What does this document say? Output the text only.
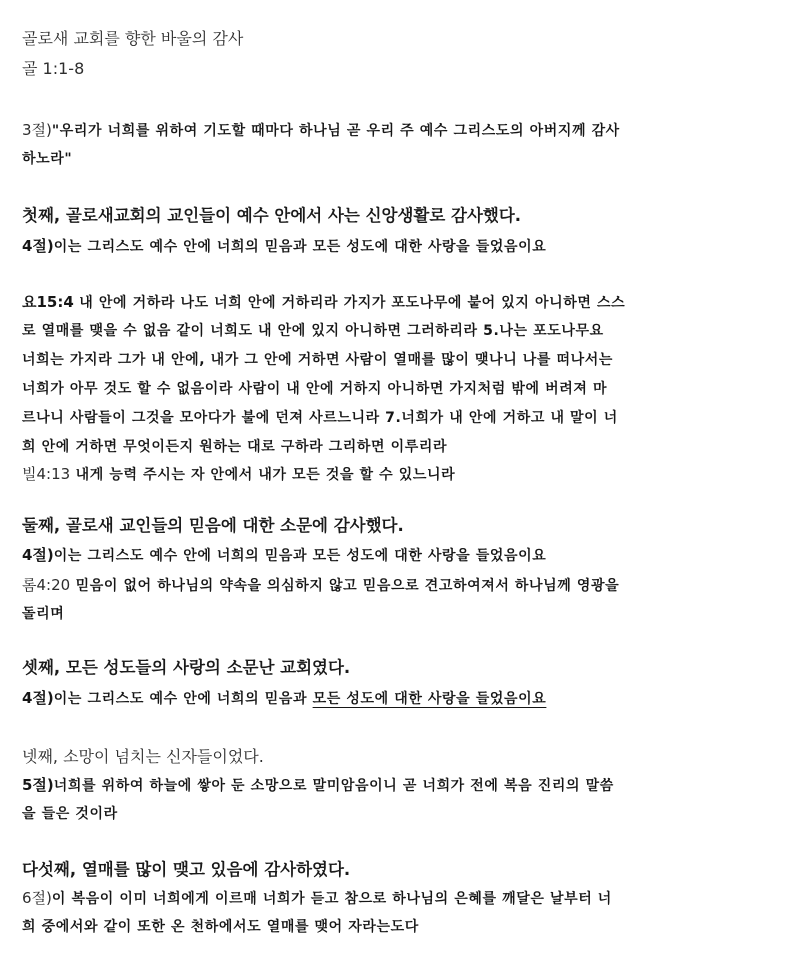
골로새 교회를 향한 바울의 감사
골 1:1-8
3절)"우리가 너희를 위하여 기도할 때마다 하나님 곧 우리 주 예수 그리스도의 아버지께 감사
하노라"
첫째, 골로새교회의 교인들이 예수 안에서 사는 신앙생활로 감사했다.
4절)이는 그리스도 예수 안에 너희의 믿음과 모든 성도에 대한 사랑을 들었음이요
요15:4 내 안에 거하라 나도 너희 안에 거하리라 가지가 포도나무에 붙어 있지 아니하면 스스
로 열매를 맺을 수 없음 같이 너희도 내 안에 있지 아니하면 그러하리라 5.나는 포도나무요
너희는 가지라 그가 내 안에, 내가 그 안에 거하면 사람이 열매를 많이 맺나니 나를 떠나서는
너희가 아무 것도 할 수 없음이라 사람이 내 안에 거하지 아니하면 가지처럼 밖에 버려져 마
르나니 사람들이 그것을 모아다가 불에 던져 사르느니라 7.너희가 내 안에 거하고 내 말이 너
희 안에 거하면 무엇이든지 원하는 대로 구하라 그리하면 이루리라
빌4:13 내게 능력 주시는 자 안에서 내가 모든 것을 할 수 있느니라
둘째, 골로새 교인들의 믿음에 대한 소문에 감사했다.
4절)이는 그리스도 예수 안에 너희의 믿음과 모든 성도에 대한 사랑을 들었음이요
롬4:20 믿음이 없어 하나님의 약속을 의심하지 않고 믿음으로 견고하여져서 하나님께 영광을
돌리며
셋째, 모든 성도들의 사랑의 소문난 교회였다.
4절)이는 그리스도 예수 안에 너희의 믿음과 모든 성도에 대한 사랑을 들었음이요
넷째, 소망이 넘치는 신자들이었다.
5절)너희를 위하여 하늘에 쌓아 둔 소망으로 말미암음이니 곧 너희가 전에 복음 진리의 말씀
을 들은 것이라
다섯째, 열매를 많이 맺고 있음에 감사하였다.
6절)이 복음이 이미 너희에게 이르매 너희가 듣고 참으로 하나님의 은혜를 깨달은 날부터 너
희 중에서와 같이 또한 온 천하에서도 열매를 맺어 자라는도다
